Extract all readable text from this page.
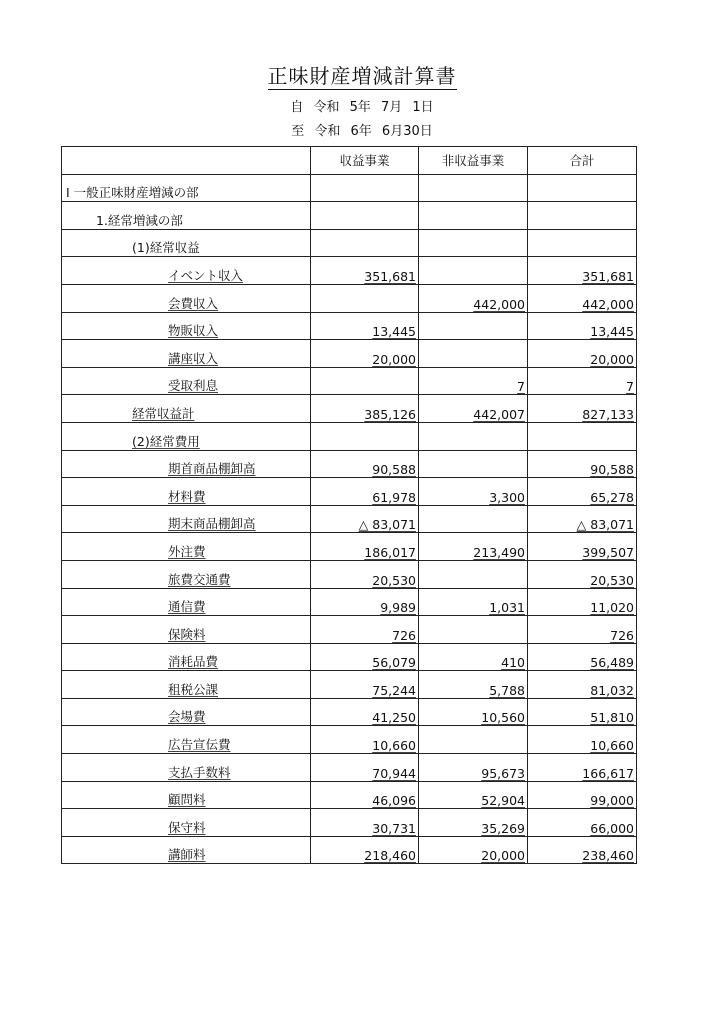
正味財産増減計算書
自 令和 5年 7月 1日
至 令和 6年 6月30日
	収益事業	非収益事業	合計
Ⅰ 一般正味財産増減の部			
1.経常増減の部			
(1)経常収益			
イベント収入	351,681		351,681
会費収入		442,000	442,000
物販収入	13,445		13,445
講座収入	20,000		20,000
受取利息		7	7
経常収益計	385,126	442,007	827,133
(2)経常費用			
期首商品棚卸高	90,588		90,588
材料費	61,978	3,300	65,278
期末商品棚卸高	△ 83,071		△ 83,071
外注費	186,017	213,490	399,507
旅費交通費	20,530		20,530
通信費	9,989	1,031	11,020
保険料	726		726
消耗品費	56,079	410	56,489
租税公課	75,244	5,788	81,032
会場費	41,250	10,560	51,810
広告宣伝費	10,660		10,660
支払手数料	70,944	95,673	166,617
顧問料	46,096	52,904	99,000
保守料	30,731	35,269	66,000
講師料	218,460	20,000	238,460
